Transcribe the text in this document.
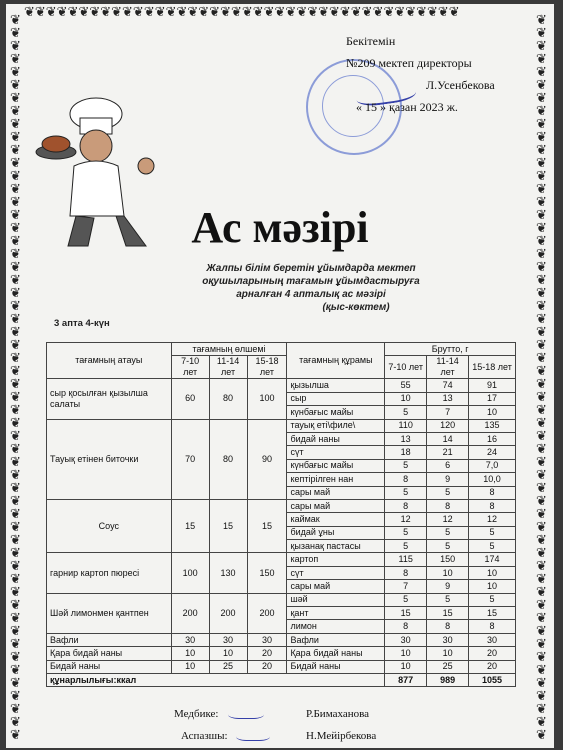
❦❦❦❦❦❦❦❦❦❦❦❦❦❦❦❦❦❦❦❦❦❦❦❦❦❦❦❦❦❦❦❦❦❦❦❦❦❦❦❦
❦
❦
❦
❦
❦
❦
❦
❦
❦
❦
❦
❦
❦
❦
❦
❦
❦
❦
❦
❦
❦
❦
❦
❦
❦
❦
❦
❦
❦
❦
❦
❦
❦
❦
❦
❦
❦
❦
❦
❦
❦
❦
❦
❦
❦
❦
❦
❦
❦
❦
❦
❦
❦
❦
❦
❦
❦
❦
❦
❦
❦
❦
❦
❦
❦
❦
❦
❦
❦
❦
❦
❦
❦
❦
❦
❦
❦
❦
❦
❦
❦
❦
❦
❦
❦
❦
❦
❦
❦
❦
❦
❦
❦
❦
❦
❦
❦
❦
❦
❦
❦
❦
❦
❦
❦
❦
❦
❦
❦
❦
❦
❦
Бекітемін
№209 мектеп директоры
Л.Усенбекова
« 15 » қазан 2023 ж.
Ас мәзірі
Жалпы білім беретін ұйымдарда мектеп
оқушыларының тағамын ұйымдастыруға
арналған 4 апталық ас мәзірі
(қыс-көктем)
3 апта 4-күн
тағамның атауы	тағамның өлшемі			тағамның құрамы	Брутто, г		
	7-10 лет	11-14 лет	15-18 лет		7-10 лет	11-14 лет	15-18 лет
сыр қосылған қызылша салаты	60	80	100	қызылша	55	74	91
				сыр	10	13	17
				күнбағыс майы	5	7	10
Тауық етінен биточки	70	80	90	тауық еті\филе\	110	120	135
				бидай наны	13	14	16
				сүт	18	21	24
				күнбағыс майы	5	6	7,0
				кептірілген нан	8	9	10,0
				сары май	5	5	8
Соус	15	15	15	сары май	8	8	8
				каймак	12	12	12
				бидай ұны	5	5	5
				қызанақ пастасы	5	5	5
гарнир картоп пюресі	100	130	150	картоп	115	150	174
				сүт	8	10	10
				сары май	7	9	10
Шәй лимонмен қантпен	200	200	200	шәй	5	5	5
				қант	15	15	15
				лимон	8	8	8
Вафли	30	30	30	Вафли	30	30	30
Қара бидай наны	10	10	20	Қара бидай наны	10	10	20
Бидай наны	10	25	20	Бидай наны	10	25	20
құнарлылығы:ккал					877	989	1055
Медбике:	Р.Бимаханова
Аспазшы:	Н.Мейірбекова
